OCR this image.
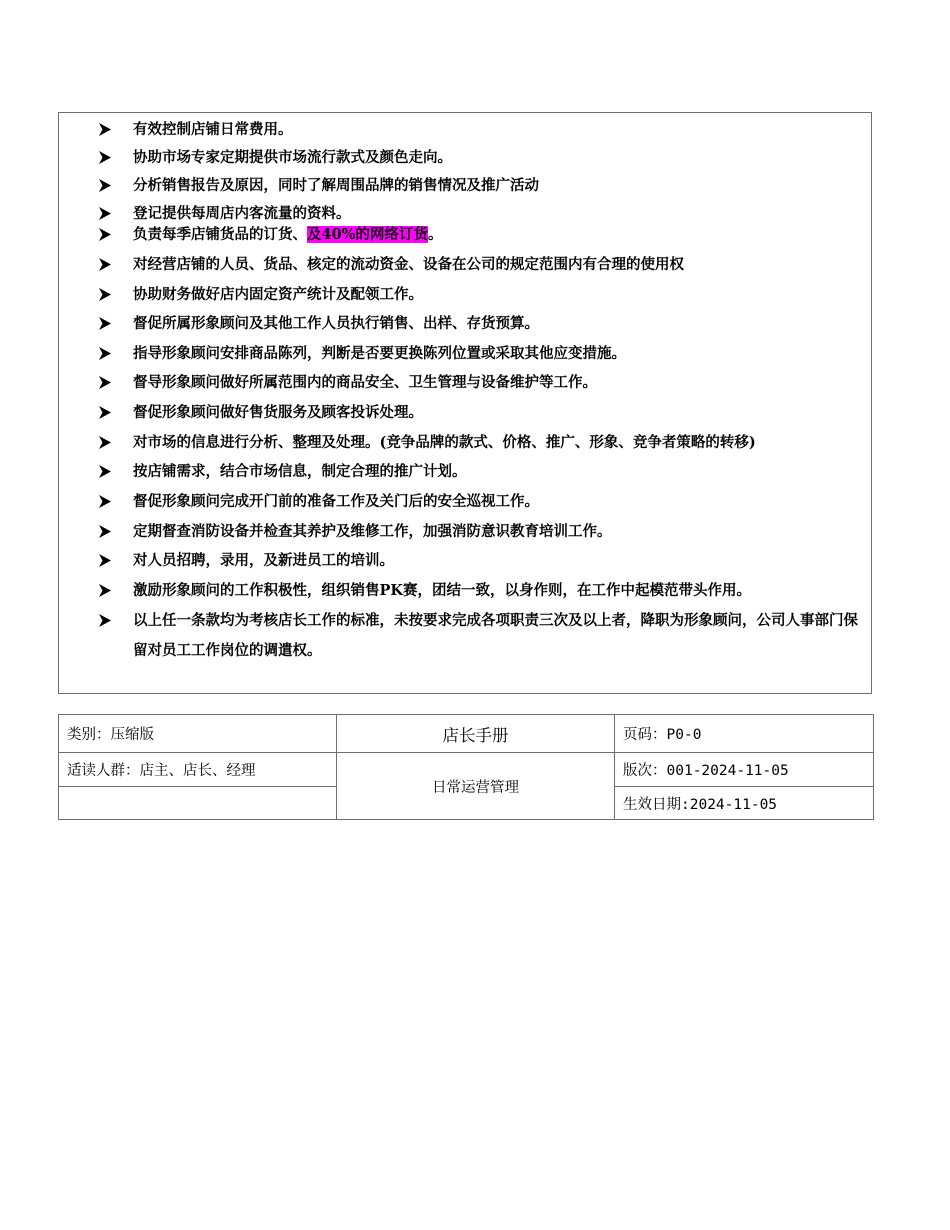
有效控制店铺日常费用。
协助市场专家定期提供市场流行款式及颜色走向。
分析销售报告及原因，同时了解周围品牌的销售情况及推广活动
登记提供每周店内客流量的资料。
负责每季店铺货品的订货、及40%的网络订货。
对经营店铺的人员、货品、核定的流动资金、设备在公司的规定范围内有合理的使用权
协助财务做好店内固定资产统计及配领工作。
督促所属形象顾问及其他工作人员执行销售、出样、存货预算。
指导形象顾问安排商品陈列，判断是否要更换陈列位置或采取其他应变措施。
督导形象顾问做好所属范围内的商品安全、卫生管理与设备维护等工作。
督促形象顾问做好售货服务及顾客投诉处理。
对市场的信息进行分析、整理及处理。(竞争品牌的款式、价格、推广、形象、竞争者策略的转移)
按店铺需求，结合市场信息，制定合理的推广计划。
督促形象顾问完成开门前的准备工作及关门后的安全巡视工作。
定期督查消防设备并检查其养护及维修工作，加强消防意识教育培训工作。
对人员招聘，录用，及新进员工的培训。
激励形象顾问的工作积极性，组织销售PK赛，团结一致，以身作则，在工作中起模范带头作用。
以上任一条款均为考核店长工作的标准，未按要求完成各项职责三次及以上者，降职为形象顾问，公司人事部门保留对员工工作岗位的调遣权。
类别：压缩版	店长手册	页码：P0-0
适读人群：店主、店长、经理	日常运营管理	版次：001-2024-11-05
		生效日期:2024-11-05
